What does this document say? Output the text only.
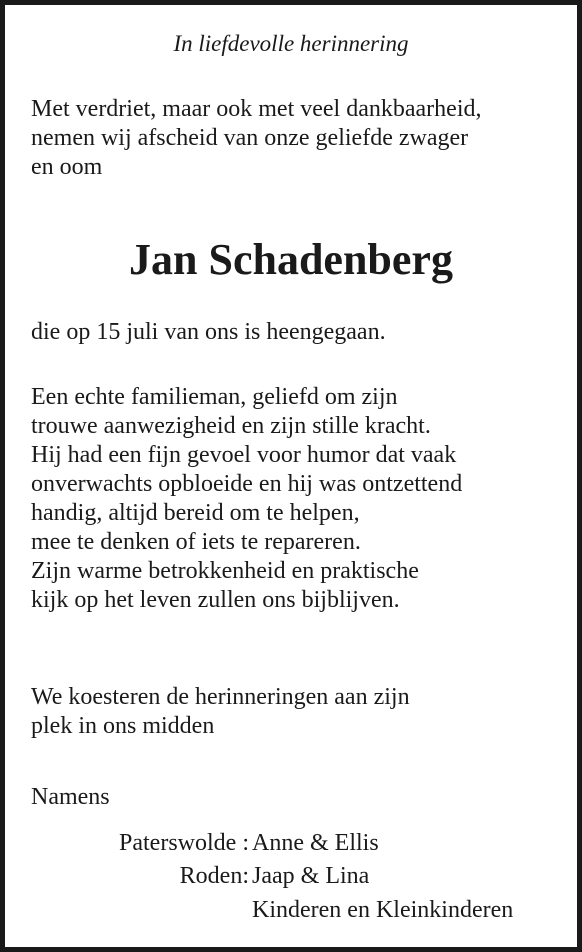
In liefdevolle herinnering
Met verdriet, maar ook met veel dankbaarheid,
nemen wij afscheid van onze geliefde zwager
en oom
Jan Schadenberg
die op 15 juli van ons is heengegaan.
Een echte familieman, geliefd om zijn
trouwe aanwezigheid en zijn stille kracht.
Hij had een fijn gevoel voor humor dat vaak
onverwachts opbloeide en hij was ontzettend
handig, altijd bereid om te helpen,
mee te denken of iets te repareren.
Zijn warme betrokkenheid en praktische
kijk op het leven zullen ons bijblijven.
We koesteren de herinneringen aan zijn
plek in ons midden
Namens
Paterswolde : Anne & Ellis
Roden: Jaap & Lina
Kinderen en Kleinkinderen
